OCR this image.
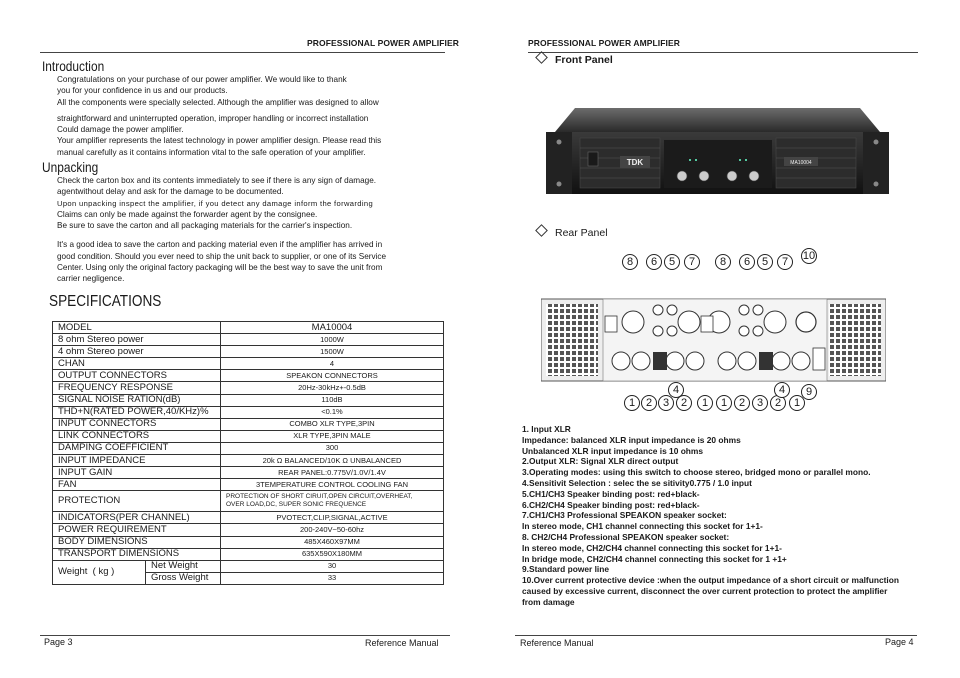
PROFESSIONAL POWER AMPLIFIER
Introduction
Congratulations on your purchase of our power amplifier. We would like to thank
you for your confidence in us and our products.
All the components were specially selected. Although the amplifier was designed to allow
straightforward and uninterrupted operation, improper handling or incorrect installation
Could damage the power amplifier.
Your amplifier represents the latest technology in power amplifier design. Please read this
manual carefully as it contains information vital to the safe operation of your amplifier.
Unpacking
Check the carton box and its contents immediately to see if there is any sign of damage.
agentwithout delay and ask for the damage to be documented.
Upon unpacking inspect the amplifier, if you detect any damage inform the forwarding
Claims can only be made against the forwarder agent by the consignee.
Be sure to save the carton and all packaging materials for the carrier's inspection.
It's a good idea to save the carton and packing material even if the amplifier has arrived in
good condition. Should you ever need to ship the unit back to supplier, or one of its Service
Center. Using only the original factory packaging will be the best way to save the unit from
carrier negligence.
SPECIFICATIONS
MODEL		MA10004
8 ohm Stereo power		1000W
4 ohm Stereo power		1500W
CHAN		4
OUTPUT CONNECTORS		SPEAKON CONNECTORS
FREQUENCY RESPONSE		20Hz-30kHz+-0.5dB
SIGNAL NOISE RATION(dB)		110dB
THD+N(RATED POWER,40/KHz)%		<0.1%
INPUT CONNECTORS		COMBO XLR TYPE,3PIN
LINK CONNECTORS		XLR TYPE,3PIN MALE
DAMPING COEFFICIENT		300
INPUT IMPEDANCE		20k Ω BALANCED/10K Ω UNBALANCED
INPUT GAIN		REAR PANEL:0.775V/1.0V/1.4V
FAN		3TEMPERATURE CONTROL COOLING FAN
PROTECTION		PROTECTION OF SHORT CIRUIT,OPEN CIRCUIT,OVERHEAT,
OVER LOAD,DC, SUPER SONIC FREQUENCE

INDICATORS(PER CHANNEL)		PVOTECT,CLIP,SIGNAL,ACTIVE
POWER REQUIREMENT		200-240V~50-60hz
BODY DIMENSIONS		485X460X97MM
TRANSPORT DIMENSIONS		635X590X180MM
Weight  ( kg )	Net Weight	30
	Gross Weight	33
Page 3	Reference Manual
PROFESSIONAL POWER AMPLIFIER
Front Panel
TDK	MA10004
Rear Panel
8	6	5	7	8	6	5	7	10
1 2 3	2	1	1	2	3	2	1
4	4	9
1. Input XLR
Impedance: balanced XLR input impedance is 20 ohms
Unbalanced XLR input impedance is 10 ohms
2.Output XLR: Signal XLR direct output
3.Operating modes: using this switch to choose stereo, bridged mono or parallel mono.
4.Sensitivit Selection : selec the se sitivity0.775 / 1.0 input
5.CH1/CH3 Speaker binding post: red+black-
6.CH2/CH4 Speaker binding post: red+black-
7.CH1/CH3 Professional SPEAKON speaker socket:
In stereo mode, CH1 channel connecting this socket for 1+1-
8. CH2/CH4 Professional SPEAKON speaker socket:
In stereo mode, CH2/CH4 channel connecting this socket for 1+1-
In bridge mode, CH2/CH4 channel connecting this socket for 1 +1+
9.Standard power line
10.Over current protective device :when the output impedance of a short circuit or malfunction
caused by excessive current, disconnect the over current protection to protect the amplifier
from damage
Reference Manual	Page 4
